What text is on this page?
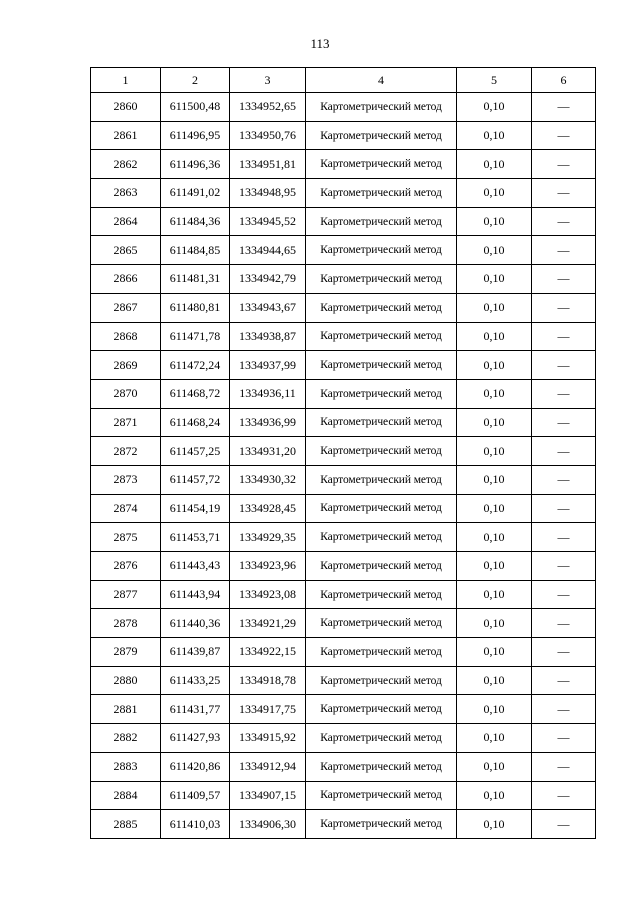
113
1	2	3	4	5	6
2860	611500,48	1334952,65	Картометрический метод	0,10	—
2861	611496,95	1334950,76	Картометрический метод	0,10	—
2862	611496,36	1334951,81	Картометрический метод	0,10	—
2863	611491,02	1334948,95	Картометрический метод	0,10	—
2864	611484,36	1334945,52	Картометрический метод	0,10	—
2865	611484,85	1334944,65	Картометрический метод	0,10	—
2866	611481,31	1334942,79	Картометрический метод	0,10	—
2867	611480,81	1334943,67	Картометрический метод	0,10	—
2868	611471,78	1334938,87	Картометрический метод	0,10	—
2869	611472,24	1334937,99	Картометрический метод	0,10	—
2870	611468,72	1334936,11	Картометрический метод	0,10	—
2871	611468,24	1334936,99	Картометрический метод	0,10	—
2872	611457,25	1334931,20	Картометрический метод	0,10	—
2873	611457,72	1334930,32	Картометрический метод	0,10	—
2874	611454,19	1334928,45	Картометрический метод	0,10	—
2875	611453,71	1334929,35	Картометрический метод	0,10	—
2876	611443,43	1334923,96	Картометрический метод	0,10	—
2877	611443,94	1334923,08	Картометрический метод	0,10	—
2878	611440,36	1334921,29	Картометрический метод	0,10	—
2879	611439,87	1334922,15	Картометрический метод	0,10	—
2880	611433,25	1334918,78	Картометрический метод	0,10	—
2881	611431,77	1334917,75	Картометрический метод	0,10	—
2882	611427,93	1334915,92	Картометрический метод	0,10	—
2883	611420,86	1334912,94	Картометрический метод	0,10	—
2884	611409,57	1334907,15	Картометрический метод	0,10	—
2885	611410,03	1334906,30	Картометрический метод	0,10	—
